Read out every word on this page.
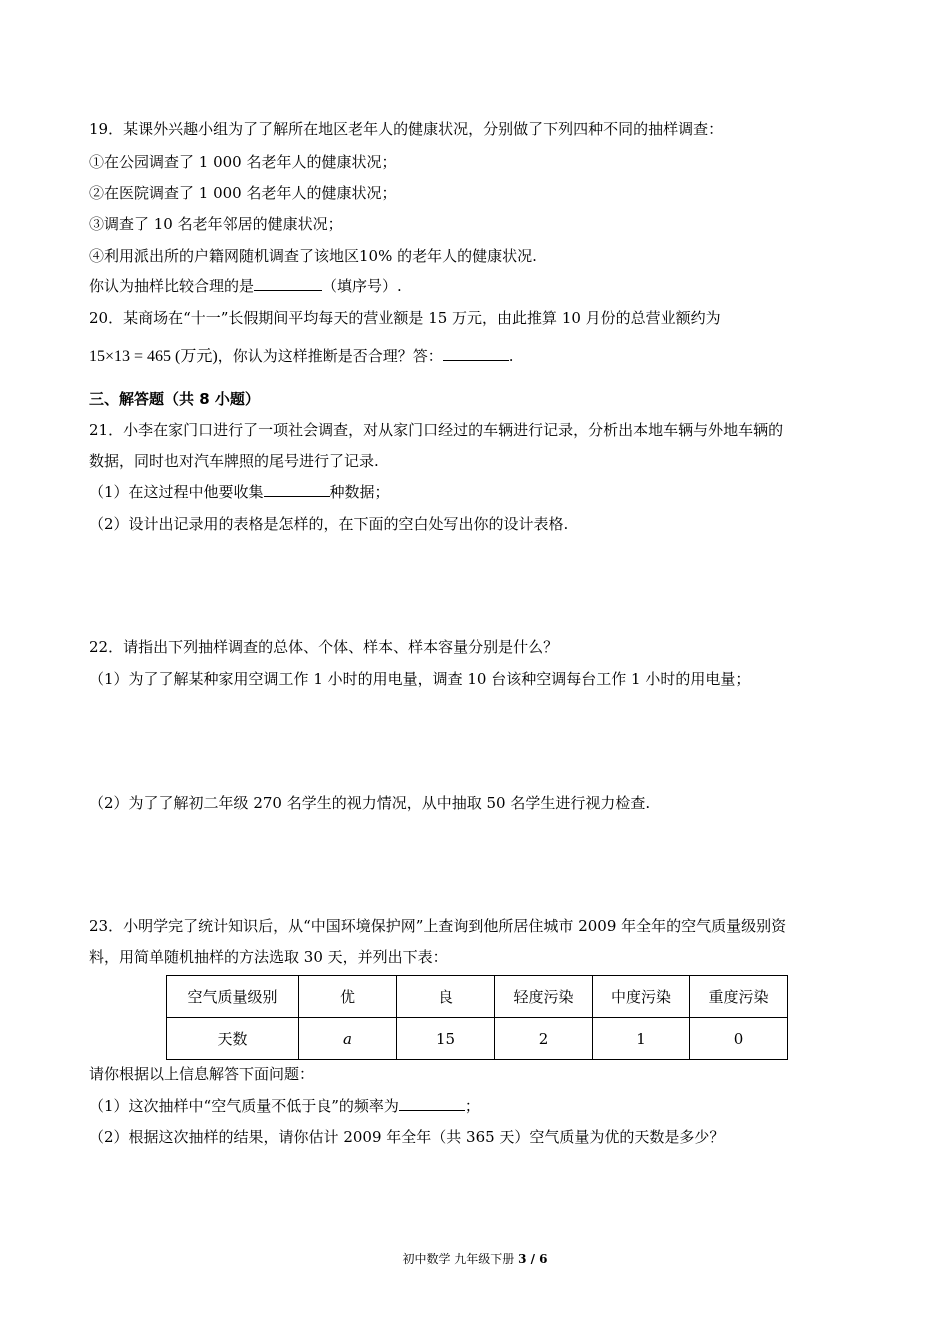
19．某课外兴趣小组为了了解所在地区老年人的健康状况，分别做了下列四种不同的抽样调查：
①在公园调查了 1 000 名老年人的健康状况；
②在医院调查了 1 000 名老年人的健康状况；
③调查了 10 名老年邻居的健康状况；
④利用派出所的户籍网随机调查了该地区10% 的老年人的健康状况.
你认为抽样比较合理的是	（填序号）.
20．某商场在“十一”长假期间平均每天的营业额是 15 万元，由此推算 10 月份的总营业额约为
15×13 = 465 (万元)，你认为这样推断是否合理？答：	.
三、解答题（共 8 小题）
21．小李在家门口进行了一项社会调查，对从家门口经过的车辆进行记录，分析出本地车辆与外地车辆的
数据，同时也对汽车牌照的尾号进行了记录.
（1）在这过程中他要收集	种数据；
（2）设计出记录用的表格是怎样的，在下面的空白处写出你的设计表格.
22．请指出下列抽样调查的总体、个体、样本、样本容量分别是什么？
（1）为了了解某种家用空调工作 1 小时的用电量，调查 10 台该种空调每台工作 1 小时的用电量；
（2）为了了解初二年级 270 名学生的视力情况，从中抽取 50 名学生进行视力检查.
23．小明学完了统计知识后，从“中国环境保护网”上查询到他所居住城市 2009 年全年的空气质量级别资
料，用简单随机抽样的方法选取 30 天，并列出下表：
空气质量级别	优	良	轻度污染	中度污染	重度污染
天数	a	15	2	1	0
请你根据以上信息解答下面问题：
（1）这次抽样中“空气质量不低于良”的频率为	；
（2）根据这次抽样的结果，请你估计 2009 年全年（共 365 天）空气质量为优的天数是多少？
初中数学 九年级下册 3 / 6
